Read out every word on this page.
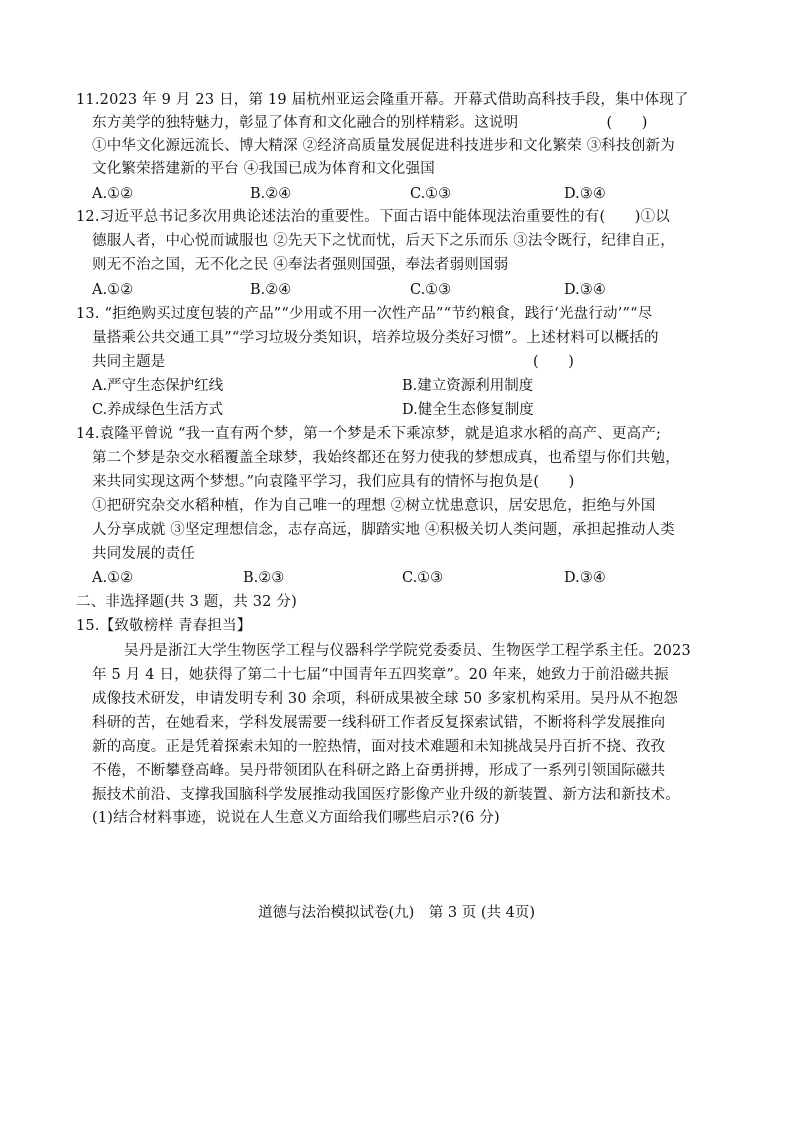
11.2023 年 9 月 23 日，第 19 届杭州亚运会隆重开幕。开幕式借助高科技手段，集中体现了
东方美学的独特魅力，彰显了体育和文化融合的别样精彩。这说明　　　　　　(　　)
①中华文化源远流长、博大精深 ②经济高质量发展促进科技进步和文化繁荣 ③科技创新为
文化繁荣搭建新的平台 ④我国已成为体育和文化强国
A.①②	B.②④	C.①③	D.③④
12.习近平总书记多次用典论述法治的重要性。下面古语中能体现法治重要性的有(　　)①以
德服人者，中心悦而诚服也 ②先天下之忧而忧，后天下之乐而乐 ③法令既行，纪律自正，
则无不治之国，无不化之民 ④奉法者强则国强，奉法者弱则国弱
A.①②	B.②④	C.①③	D.③④
13. “拒绝购买过度包装的产品”“少用或不用一次性产品”“节约粮食，践行‘光盘行动’”“尽
量搭乘公共交通工具”“学习垃圾分类知识，培养垃圾分类好习惯”。上述材料可以概括的
共同主题是　　　　　　　　　　　　　　　　　　　　　　　　　(　　)
A.严守生态保护红线	B.建立资源利用制度
C.养成绿色生活方式	D.健全生态修复制度
14.袁隆平曾说 “我一直有两个梦，第一个梦是禾下乘凉梦，就是追求水稻的高产、更高产;
第二个梦是杂交水稻覆盖全球梦，我始终都还在努力使我的梦想成真，也希望与你们共勉，
来共同实现这两个梦想。”向袁隆平学习，我们应具有的情怀与抱负是(　　)
①把研究杂交水稻种植，作为自己唯一的理想 ②树立忧患意识，居安思危，拒绝与外国
人分享成就 ③坚定理想信念，志存高远，脚踏实地 ④积极关切人类问题，承担起推动人类
共同发展的责任
A.①②	B.②③	C.①③	D.③④
二、非选择题(共 3 题，共 32 分)
15.【致敬榜样 青春担当】
吴丹是浙江大学生物医学工程与仪器科学学院党委委员、生物医学工程学系主任。2023
年 5 月 4 日，她获得了第二十七届“中国青年五四奖章”。20 年来，她致力于前沿磁共振
成像技术研发，申请发明专利 30 余项，科研成果被全球 50 多家机构采用。吴丹从不抱怨
科研的苦，在她看来，学科发展需要一线科研工作者反复探索试错，不断将科学发展推向
新的高度。正是凭着探索未知的一腔热情，面对技术难题和未知挑战吴丹百折不挠、孜孜
不倦，不断攀登高峰。吴丹带领团队在科研之路上奋勇拼搏，形成了一系列引领国际磁共
振技术前沿、支撑我国脑科学发展推动我国医疗影像产业升级的新装置、新方法和新技术。
(1)结合材料事迹，说说在人生意义方面给我们哪些启示?(6 分)
道德与法治模拟试卷(九)　第 3 页 (共 4页)
